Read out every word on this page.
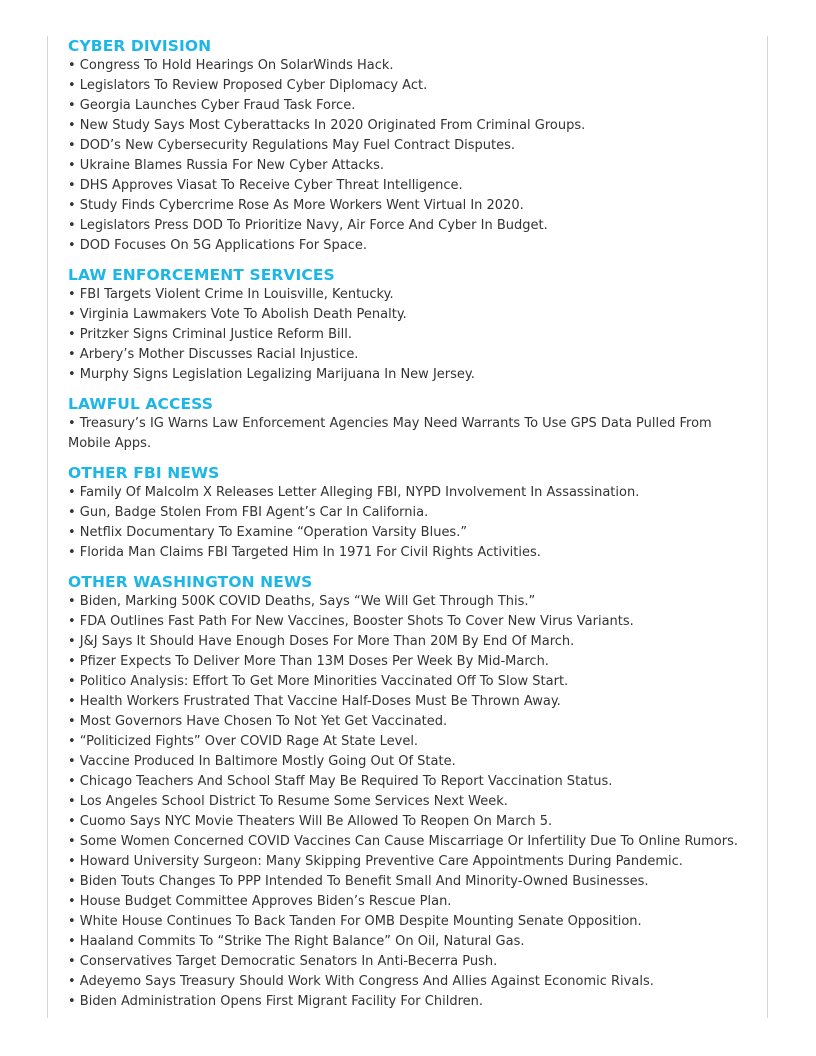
CYBER DIVISION
• Congress To Hold Hearings On SolarWinds Hack.
• Legislators To Review Proposed Cyber Diplomacy Act.
• Georgia Launches Cyber Fraud Task Force.
• New Study Says Most Cyberattacks In 2020 Originated From Criminal Groups.
• DOD’s New Cybersecurity Regulations May Fuel Contract Disputes.
• Ukraine Blames Russia For New Cyber Attacks.
• DHS Approves Viasat To Receive Cyber Threat Intelligence.
• Study Finds Cybercrime Rose As More Workers Went Virtual In 2020.
• Legislators Press DOD To Prioritize Navy, Air Force And Cyber In Budget.
• DOD Focuses On 5G Applications For Space.
LAW ENFORCEMENT SERVICES
• FBI Targets Violent Crime In Louisville, Kentucky.
• Virginia Lawmakers Vote To Abolish Death Penalty.
• Pritzker Signs Criminal Justice Reform Bill.
• Arbery’s Mother Discusses Racial Injustice.
• Murphy Signs Legislation Legalizing Marijuana In New Jersey.
LAWFUL ACCESS
• Treasury’s IG Warns Law Enforcement Agencies May Need Warrants To Use GPS Data Pulled From Mobile Apps.
OTHER FBI NEWS
• Family Of Malcolm X Releases Letter Alleging FBI, NYPD Involvement In Assassination.
• Gun, Badge Stolen From FBI Agent’s Car In California.
• Netflix Documentary To Examine “Operation Varsity Blues.”
• Florida Man Claims FBI Targeted Him In 1971 For Civil Rights Activities.
OTHER WASHINGTON NEWS
• Biden, Marking 500K COVID Deaths, Says “We Will Get Through This.”
• FDA Outlines Fast Path For New Vaccines, Booster Shots To Cover New Virus Variants.
• J&J Says It Should Have Enough Doses For More Than 20M By End Of March.
• Pfizer Expects To Deliver More Than 13M Doses Per Week By Mid-March.
• Politico Analysis: Effort To Get More Minorities Vaccinated Off To Slow Start.
• Health Workers Frustrated That Vaccine Half-Doses Must Be Thrown Away.
• Most Governors Have Chosen To Not Yet Get Vaccinated.
• “Politicized Fights” Over COVID Rage At State Level.
• Vaccine Produced In Baltimore Mostly Going Out Of State.
• Chicago Teachers And School Staff May Be Required To Report Vaccination Status.
• Los Angeles School District To Resume Some Services Next Week.
• Cuomo Says NYC Movie Theaters Will Be Allowed To Reopen On March 5.
• Some Women Concerned COVID Vaccines Can Cause Miscarriage Or Infertility Due To Online Rumors.
• Howard University Surgeon: Many Skipping Preventive Care Appointments During Pandemic.
• Biden Touts Changes To PPP Intended To Benefit Small And Minority-Owned Businesses.
• House Budget Committee Approves Biden’s Rescue Plan.
• White House Continues To Back Tanden For OMB Despite Mounting Senate Opposition.
• Haaland Commits To “Strike The Right Balance” On Oil, Natural Gas.
• Conservatives Target Democratic Senators In Anti-Becerra Push.
• Adeyemo Says Treasury Should Work With Congress And Allies Against Economic Rivals.
• Biden Administration Opens First Migrant Facility For Children.
